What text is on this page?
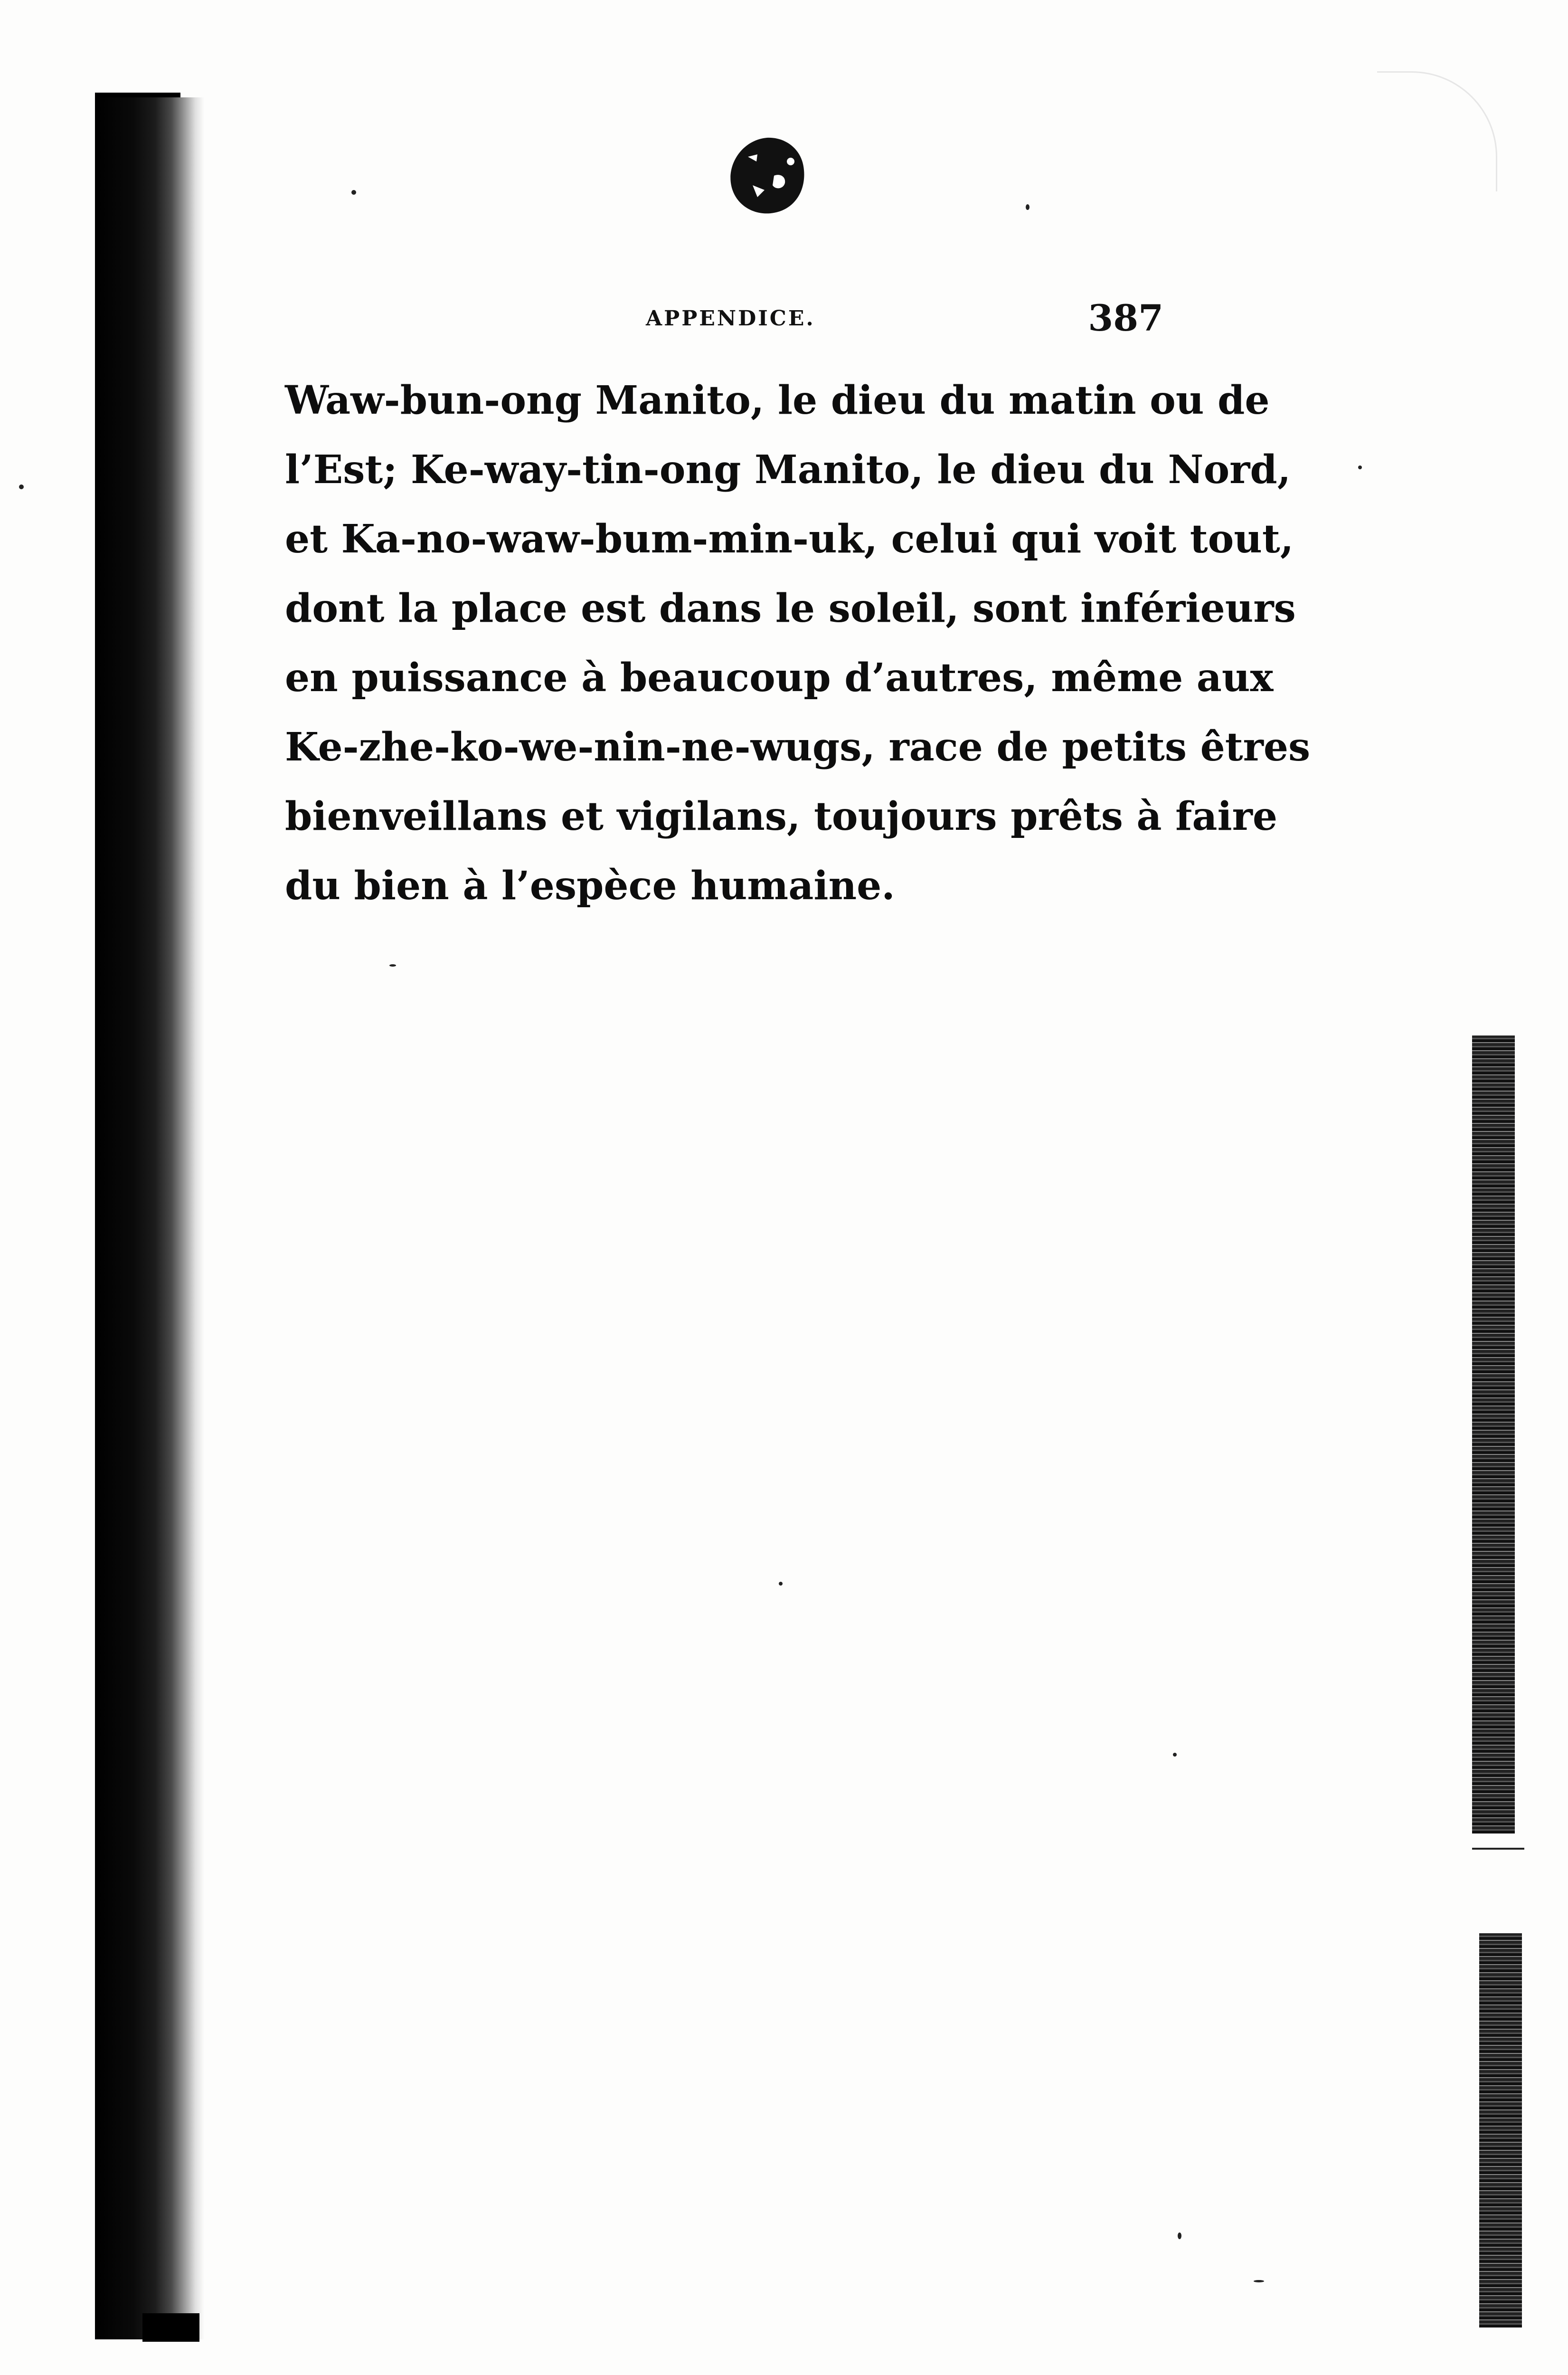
APPENDICE.	387
Waw-bun-ong Manito, le dieu du matin ou de
l’Est; Ke-way-tin-ong Manito, le dieu du Nord,
et Ka-no-waw-bum-min-uk, celui qui voit tout,
dont la place est dans le soleil, sont inférieurs
en puissance à beaucoup d’autres, même aux
Ke-zhe-ko-we-nin-ne-wugs, race de petits êtres
bienveillans et vigilans, toujours prêts à faire
du bien à l’espèce humaine.
